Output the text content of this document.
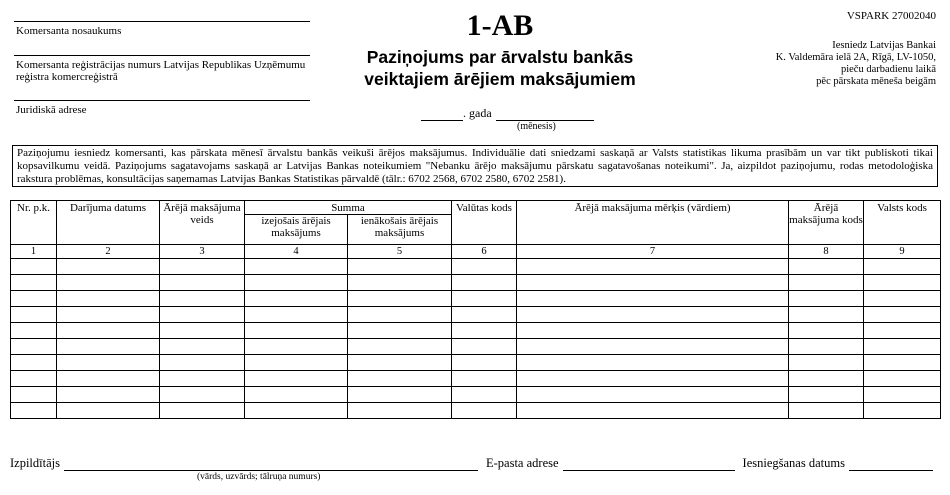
Komersanta nosaukums
Komersanta reģistrācijas numurs Latvijas Republikas Uzņēmumu reģistra komercreģistrā
Juridiskā adrese
1-AB
Paziņojums par ārvalstu bankās
veiktajiem ārējiem maksājumiem
. gada
(mēnesis)
VSPARK 27002040
Iesniedz Latvijas Bankai
K. Valdemāra ielā 2A, Rīgā, LV-1050,
pieču darbadienu laikā
pēc pārskata mēneša beigām
Paziņojumu iesniedz komersanti, kas pārskata mēnesī ārvalstu bankās veikuši ārējos maksājumus. Individuālie dati sniedzami saskaņā ar Valsts statistikas likuma prasībām un var tikt publiskoti tikai kopsavilkumu veidā. Paziņojums sagatavojams saskaņā ar Latvijas Bankas noteikumiem "Nebanku ārējo maksājumu pārskatu sagatavošanas noteikumi". Ja, aizpildot paziņojumu, rodas metodoloģiska rakstura problēmas, konsultācijas saņemamas Latvijas Bankas Statistikas pārvaldē (tālr.: 6702 2568, 6702 2580, 6702 2581).
Nr. p.k.	Darījuma datums	Ārējā maksājuma veids	Summa		Valūtas kods	Ārējā maksājuma mērķis (vārdiem)	Ārējā maksājuma kods	Valsts kods
			izejošais ārējais maksājums	ienākošais ārējais maksājums				
1	2	3	4	5	6	7	8	9

Izpildītājs	E-pasta adrese	Iesniegšanas datums
(vārds, uzvārds; tālruņa numurs)
